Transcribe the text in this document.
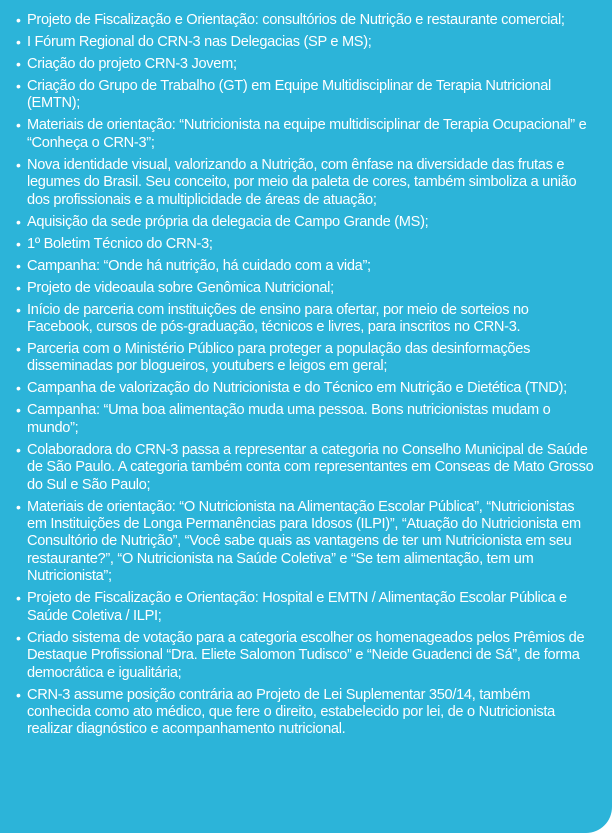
• Projeto de Fiscalização e Orientação: consultórios de Nutrição e restaurante comercial;
• I Fórum Regional do CRN-3 nas Delegacias (SP e MS);
• Criação do projeto CRN-3 Jovem;
• Criação do Grupo de Trabalho (GT) em Equipe Multidisciplinar de Terapia Nutricional (EMTN);
• Materiais de orientação: “Nutricionista na equipe multidisciplinar de Terapia Ocupacional” e “Conheça o CRN-3”;
• Nova identidade visual, valorizando a Nutrição, com ênfase na diversidade das frutas e legumes do Brasil. Seu conceito, por meio da paleta de cores, também simboliza a união dos profissionais e a multiplicidade de áreas de atuação;
• Aquisição da sede própria da delegacia de Campo Grande (MS);
• 1º Boletim Técnico do CRN-3;
• Campanha: “Onde há nutrição, há cuidado com a vida”;
• Projeto de videoaula sobre Genômica Nutricional;
• Início de parceria com instituições de ensino para ofertar, por meio de sorteios no Facebook, cursos de pós-graduação, técnicos e livres, para inscritos no CRN-3.
• Parceria com o Ministério Público para proteger a população das desinformações disseminadas por blogueiros, youtubers e leigos em geral;
• Campanha de valorização do Nutricionista e do Técnico em Nutrição e Dietética (TND);
• Campanha: “Uma boa alimentação muda uma pessoa. Bons nutricionistas mudam o mundo”;
• Colaboradora do CRN-3 passa a representar a categoria no Conselho Municipal de Saúde de São Paulo. A categoria também conta com representantes em Conseas de Mato Grosso do Sul e São Paulo;
• Materiais de orientação: “O Nutricionista na Alimentação Escolar Pública”, “Nutricionistas em Instituições de Longa Permanências para Idosos (ILPI)”, “Atuação do Nutricionista em Consultório de Nutrição”, “Você sabe quais as vantagens de ter um Nutricionista em seu restaurante?”, “O Nutricionista na Saúde Coletiva” e “Se tem alimentação, tem um Nutricionista”;
• Projeto de Fiscalização e Orientação: Hospital e EMTN / Alimentação Escolar Pública e Saúde Coletiva / ILPI;
• Criado sistema de votação para a categoria escolher os homenageados pelos Prêmios de Destaque Profissional “Dra. Eliete Salomon Tudisco” e “Neide Guadenci de Sá”, de forma democrática e igualitária;
• CRN-3 assume posição contrária ao Projeto de Lei Suplementar 350/14, também conhecida como ato médico, que fere o direito, estabelecido por lei, de o Nutricionista realizar diagnóstico e acompanhamento nutricional.
